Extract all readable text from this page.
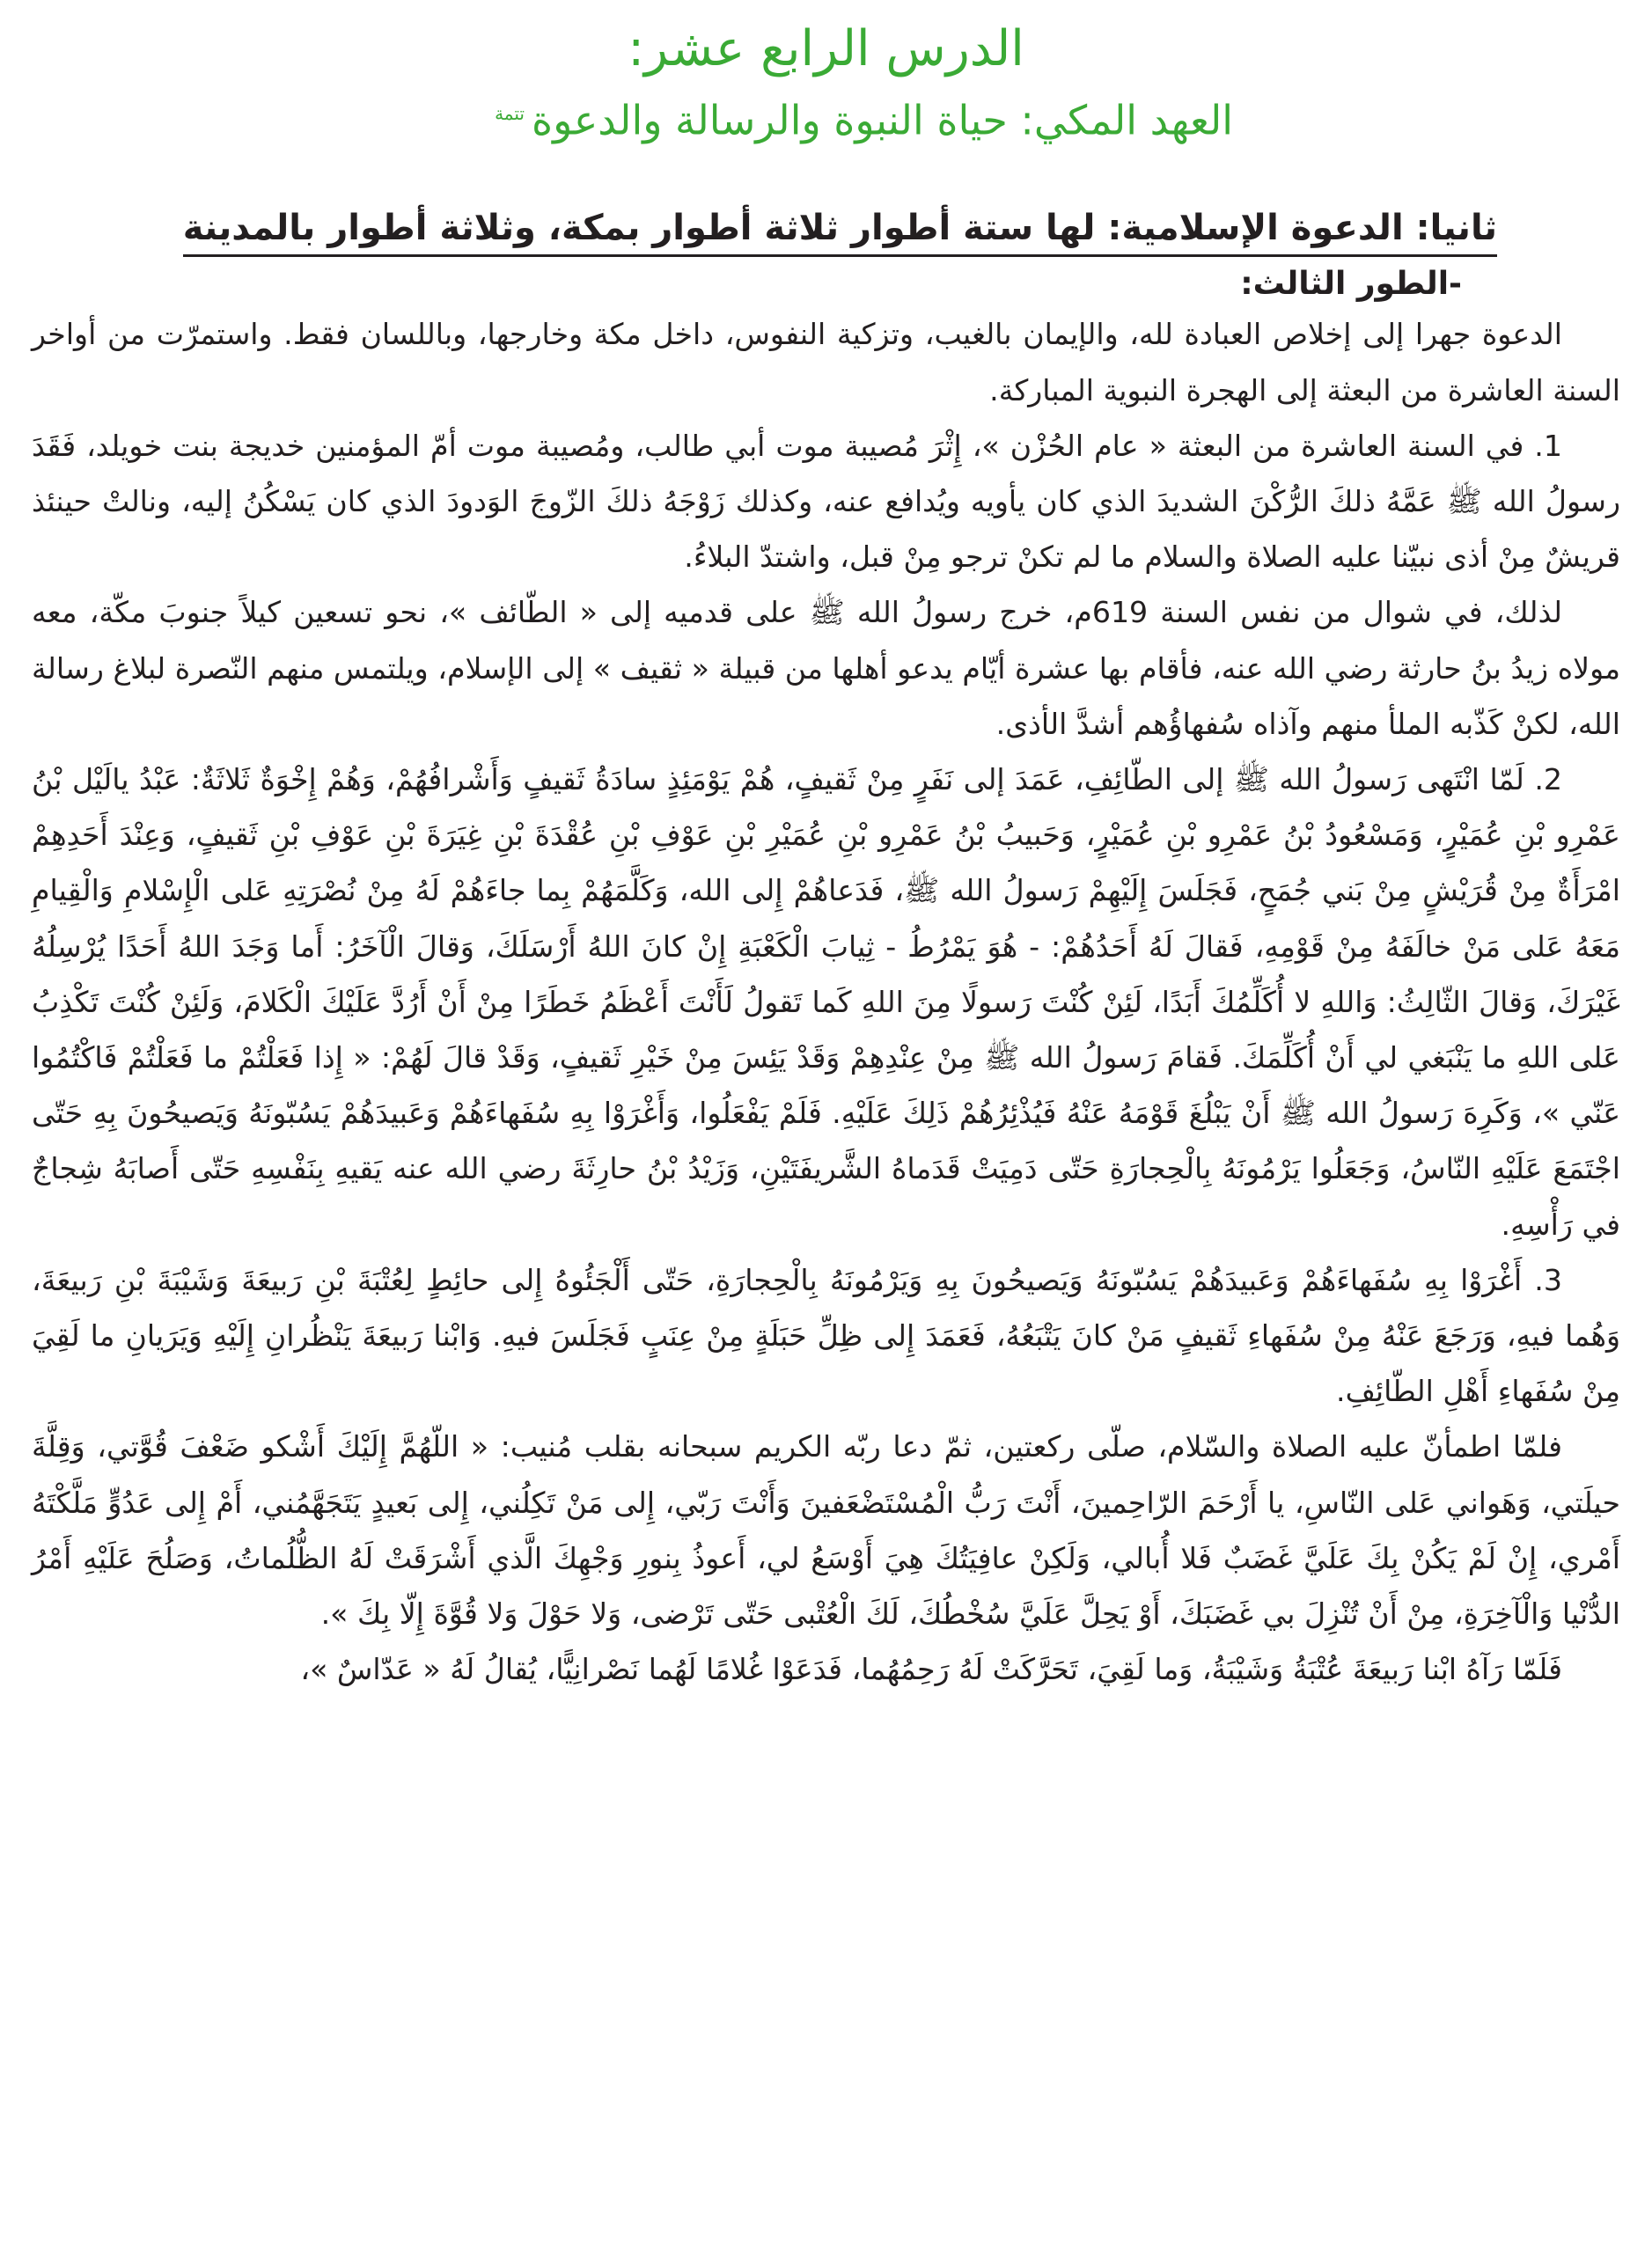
الدرس الرابع عشر:
العهد المكي: حياة النبوة والرسالة والدعوة$^{تتمة}$
ثانيا: الدعوة الإسلامية: لها ستة أطوار ثلاثة أطوار بمكة، وثلاثة أطوار بالمدينة
-الطور الثالث:

الدعوة جهرا إلى إخلاص العبادة لله، والإيمان بالغيب، وتزكية النفوس، داخل مكة وخارجها، وباللسان فقط. واستمرّت من أواخر السنة العاشرة من البعثة إلى الهجرة النبوية المباركة.

1. في السنة العاشرة من البعثة « عام الحُزْن »، إِثْرَ مُصيبة موت أبي طالب، ومُصيبة موت أمّ المؤمنين خديجة بنت خويلد، فَقَدَ رسولُ الله ﷺ عَمَّهُ ذلكَ الرُّكْنَ الشديدَ الذي كان يأويه ويُدافع عنه، وكذلك زَوْجَهُ ذلكَ الزّوجَ الوَدودَ الذي كان يَسْكُنُ إليه، ونالتْ حينئذ قريشٌ مِنْ أذى نبيّنا عليه الصلاة والسلام ما لم تكنْ ترجو مِنْ قبل، واشتدّ البلاءُ.

لذلك، في شوال من نفس السنة 619م، خرج رسولُ الله ﷺ على قدميه إلى « الطّائف »، نحو تسعين كيلاً جنوبَ مكّة، معه مولاه زيدُ بنُ حارثة رضي الله عنه، فأقام بها عشرة أيّام يدعو أهلها من قبيلة « ثقيف » إلى الإسلام، ويلتمس منهم النّصرة لبلاغ رسالة الله، لكنْ كَذّبه الملأ منهم وآذاه سُفهاؤُهم أشدَّ الأذى.

2. لَمّا انْتَهى رَسولُ الله ﷺ إلى الطّائِفِ، عَمَدَ إلى نَفَرٍ مِنْ ثَقيفٍ، هُمْ يَوْمَئِذٍ سادَةُ ثَقيفٍ وَأَشْرافُهُمْ، وَهُمْ إِخْوَةٌ ثَلاثَةٌ: عَبْدُ يالَيْل بْنُ عَمْرِو بْنِ عُمَيْرٍ، وَمَسْعُودُ بْنُ عَمْرِو بْنِ عُمَيْرٍ، وَحَبيبُ بْنُ عَمْرِو بْنِ عُمَيْرِ بْنِ عَوْفِ بْنِ عُقْدَةَ بْنِ غِيَرَةَ بْنِ عَوْفِ بْنِ ثَقيفٍ، وَعِنْدَ أَحَدِهِمْ امْرَأَةٌ مِنْ قُرَيْشٍ مِنْ بَني جُمَحٍ، فَجَلَسَ إِلَيْهِمْ رَسولُ الله ﷺ، فَدَعاهُمْ إِلى الله، وَكَلَّمَهُمْ بِما جاءَهُمْ لَهُ مِنْ نُصْرَتِهِ عَلى الْإِسْلامِ وَالْقِيامِ مَعَهُ عَلى مَنْ خالَفَهُ مِنْ قَوْمِهِ، فَقالَ لَهُ أَحَدُهُمْ: - هُوَ يَمْرُطُ - ثِيابَ الْكَعْبَةِ إِنْ كانَ اللهُ أَرْسَلَكَ، وَقالَ الْآخَرُ: أَما وَجَدَ اللهُ أَحَدًا يُرْسِلُهُ غَيْرَكَ، وَقالَ الثّالِثُ: وَاللهِ لا أُكَلِّمُكَ أَبَدًا، لَئِنْ كُنْتَ رَسولًا مِنَ اللهِ كَما تَقولُ لَأَنْتَ أَعْظَمُ خَطَرًا مِنْ أَنْ أَرُدَّ عَلَيْكَ الْكَلامَ، وَلَئِنْ كُنْتَ تَكْذِبُ عَلى اللهِ ما يَنْبَغي لي أَنْ أُكَلِّمَكَ. فَقامَ رَسولُ الله ﷺ مِنْ عِنْدِهِمْ وَقَدْ يَئِسَ مِنْ خَيْرِ ثَقيفٍ، وَقَدْ قالَ لَهُمْ: « إِذا فَعَلْتُمْ ما فَعَلْتُمْ فَاكْتُمُوا عَنّي »، وَكَرِهَ رَسولُ الله ﷺ أَنْ يَبْلُغَ قَوْمَهُ عَنْهُ فَيُذْئِرُهُمْ ذَلِكَ عَلَيْهِ. فَلَمْ يَفْعَلُوا، وَأَغْرَوْا بِهِ سُفَهاءَهُمْ وَعَبيدَهُمْ يَسُبّونَهُ وَيَصيحُونَ بِهِ حَتّى اجْتَمَعَ عَلَيْهِ النّاسُ، وَجَعَلُوا يَرْمُونَهُ بِالْحِجارَةِ حَتّى دَمِيَتْ قَدَماهُ الشَّريفَتَيْنِ، وَزَيْدُ بْنُ حارِثَةَ رضي الله عنه يَقيهِ بِنَفْسِهِ حَتّى أَصابَهُ شِجاجٌ في رَأْسِهِ.

3. أَغْرَوْا بِهِ سُفَهاءَهُمْ وَعَبيدَهُمْ يَسُبّونَهُ وَيَصيحُونَ بِهِ وَيَرْمُونَهُ بِالْحِجارَةِ، حَتّى أَلْجَئُوهُ إِلى حائِطٍ لِعُتْبَةَ بْنِ رَبيعَةَ وَشَيْبَةَ بْنِ رَبيعَةَ، وَهُما فيهِ، وَرَجَعَ عَنْهُ مِنْ سُفَهاءِ ثَقيفٍ مَنْ كانَ يَتْبَعُهُ، فَعَمَدَ إِلى ظِلِّ حَبَلَةٍ مِنْ عِنَبٍ فَجَلَسَ فيهِ. وَابْنا رَبيعَةَ يَنْظُرانِ إِلَيْهِ وَيَرَيانِ ما لَقِيَ مِنْ سُفَهاءِ أَهْلِ الطّائِفِ.

فلمّا اطمأنّ عليه الصلاة والسّلام، صلّى ركعتين، ثمّ دعا ربّه الكريم سبحانه بقلب مُنيب: « اللّهُمَّ إِلَيْكَ أَشْكو ضَعْفَ قُوَّتي، وَقِلَّةَ حيلَتي، وَهَواني عَلى النّاسِ، يا أَرْحَمَ الرّاحِمينَ، أَنْتَ رَبُّ الْمُسْتَضْعَفينَ وَأَنْتَ رَبّي، إِلى مَنْ تَكِلُني، إِلى بَعيدٍ يَتَجَهَّمُني، أَمْ إِلى عَدُوٍّ مَلَّكْتَهُ أَمْري، إِنْ لَمْ يَكُنْ بِكَ عَلَيَّ غَضَبٌ فَلا أُبالي، وَلَكِنْ عافِيَتُكَ هِيَ أَوْسَعُ لي، أَعوذُ بِنورِ وَجْهِكَ الَّذي أَشْرَقَتْ لَهُ الظُّلُماتُ، وَصَلُحَ عَلَيْهِ أَمْرُ الدُّنْيا وَالْآخِرَةِ، مِنْ أَنْ تُنْزِلَ بي غَضَبَكَ، أَوْ يَحِلَّ عَلَيَّ سُخْطُكَ، لَكَ الْعُتْبى حَتّى تَرْضى، وَلا حَوْلَ وَلا قُوَّةَ إِلّا بِكَ ».

فَلَمّا رَآهُ ابْنا رَبيعَةَ عُتْبَةُ وَشَيْبَةُ، وَما لَقِيَ، تَحَرَّكَتْ لَهُ رَحِمُهُما، فَدَعَوْا غُلامًا لَهُما نَصْرانِيًّا، يُقالُ لَهُ « عَدّاسٌ »،
